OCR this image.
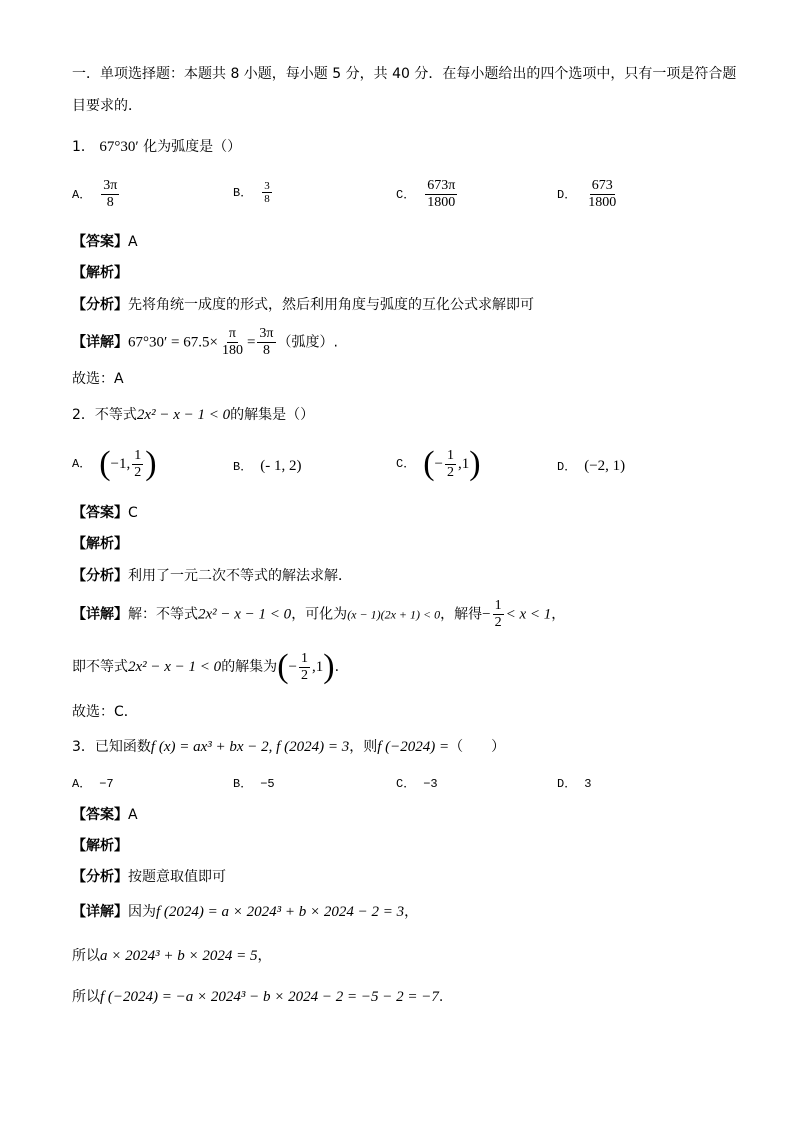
一．单项选择题：本题共 8 小题，每小题 5 分，共 40 分．在每小题给出的四个选项中，只有一项是符合题
目要求的．
1． 67°30′ 化为弧度是（）
A． $\frac{3\pi}{8}$	B． $\frac{3}{8}$	C． $\frac{673\pi}{1800}$	D． $\frac{673}{1800}$
【答案】A
【解析】
【分析】先将角统一成度的形式，然后利用角度与弧度的互化公式求解即可
【详解】$67^\circ 30' = 67.5\times \frac{\pi}{180} = \frac{3\pi}{8}$ （弧度）.
故选：A
2．不等式2x² − x − 1 < 0的解集是（）
A． (−1, $\frac{1}{2}$ )	B． (- 1, 2)	C． (− $\frac{1}{2} ,1$)	D． (−2, 1)
【答案】C
【解析】
【分析】利用了一元二次不等式的解法求解．
【详解】解：不等式2x² − x − 1 < 0，可化为(x − 1)(2x + 1) < 0，解得− $\frac{1}{2} < x < 1$，
即不等式2x² − x − 1 < 0的解集为(− $\frac{1}{2} ,1$).
故选：C．
3．已知函数f (x) = ax³ + bx − 2, f (2024) = 3，则f (−2024) =（　　）
A． −7	B． −5	C． −3	D． 3
【答案】A
【解析】
【分析】按题意取值即可
【详解】因为f (2024) = a × 2024³ + b × 2024 − 2 = 3，
所以a × 2024³ + b × 2024 = 5，
所以f (−2024) = −a × 2024³ − b × 2024 − 2 = −5 − 2 = −7.
